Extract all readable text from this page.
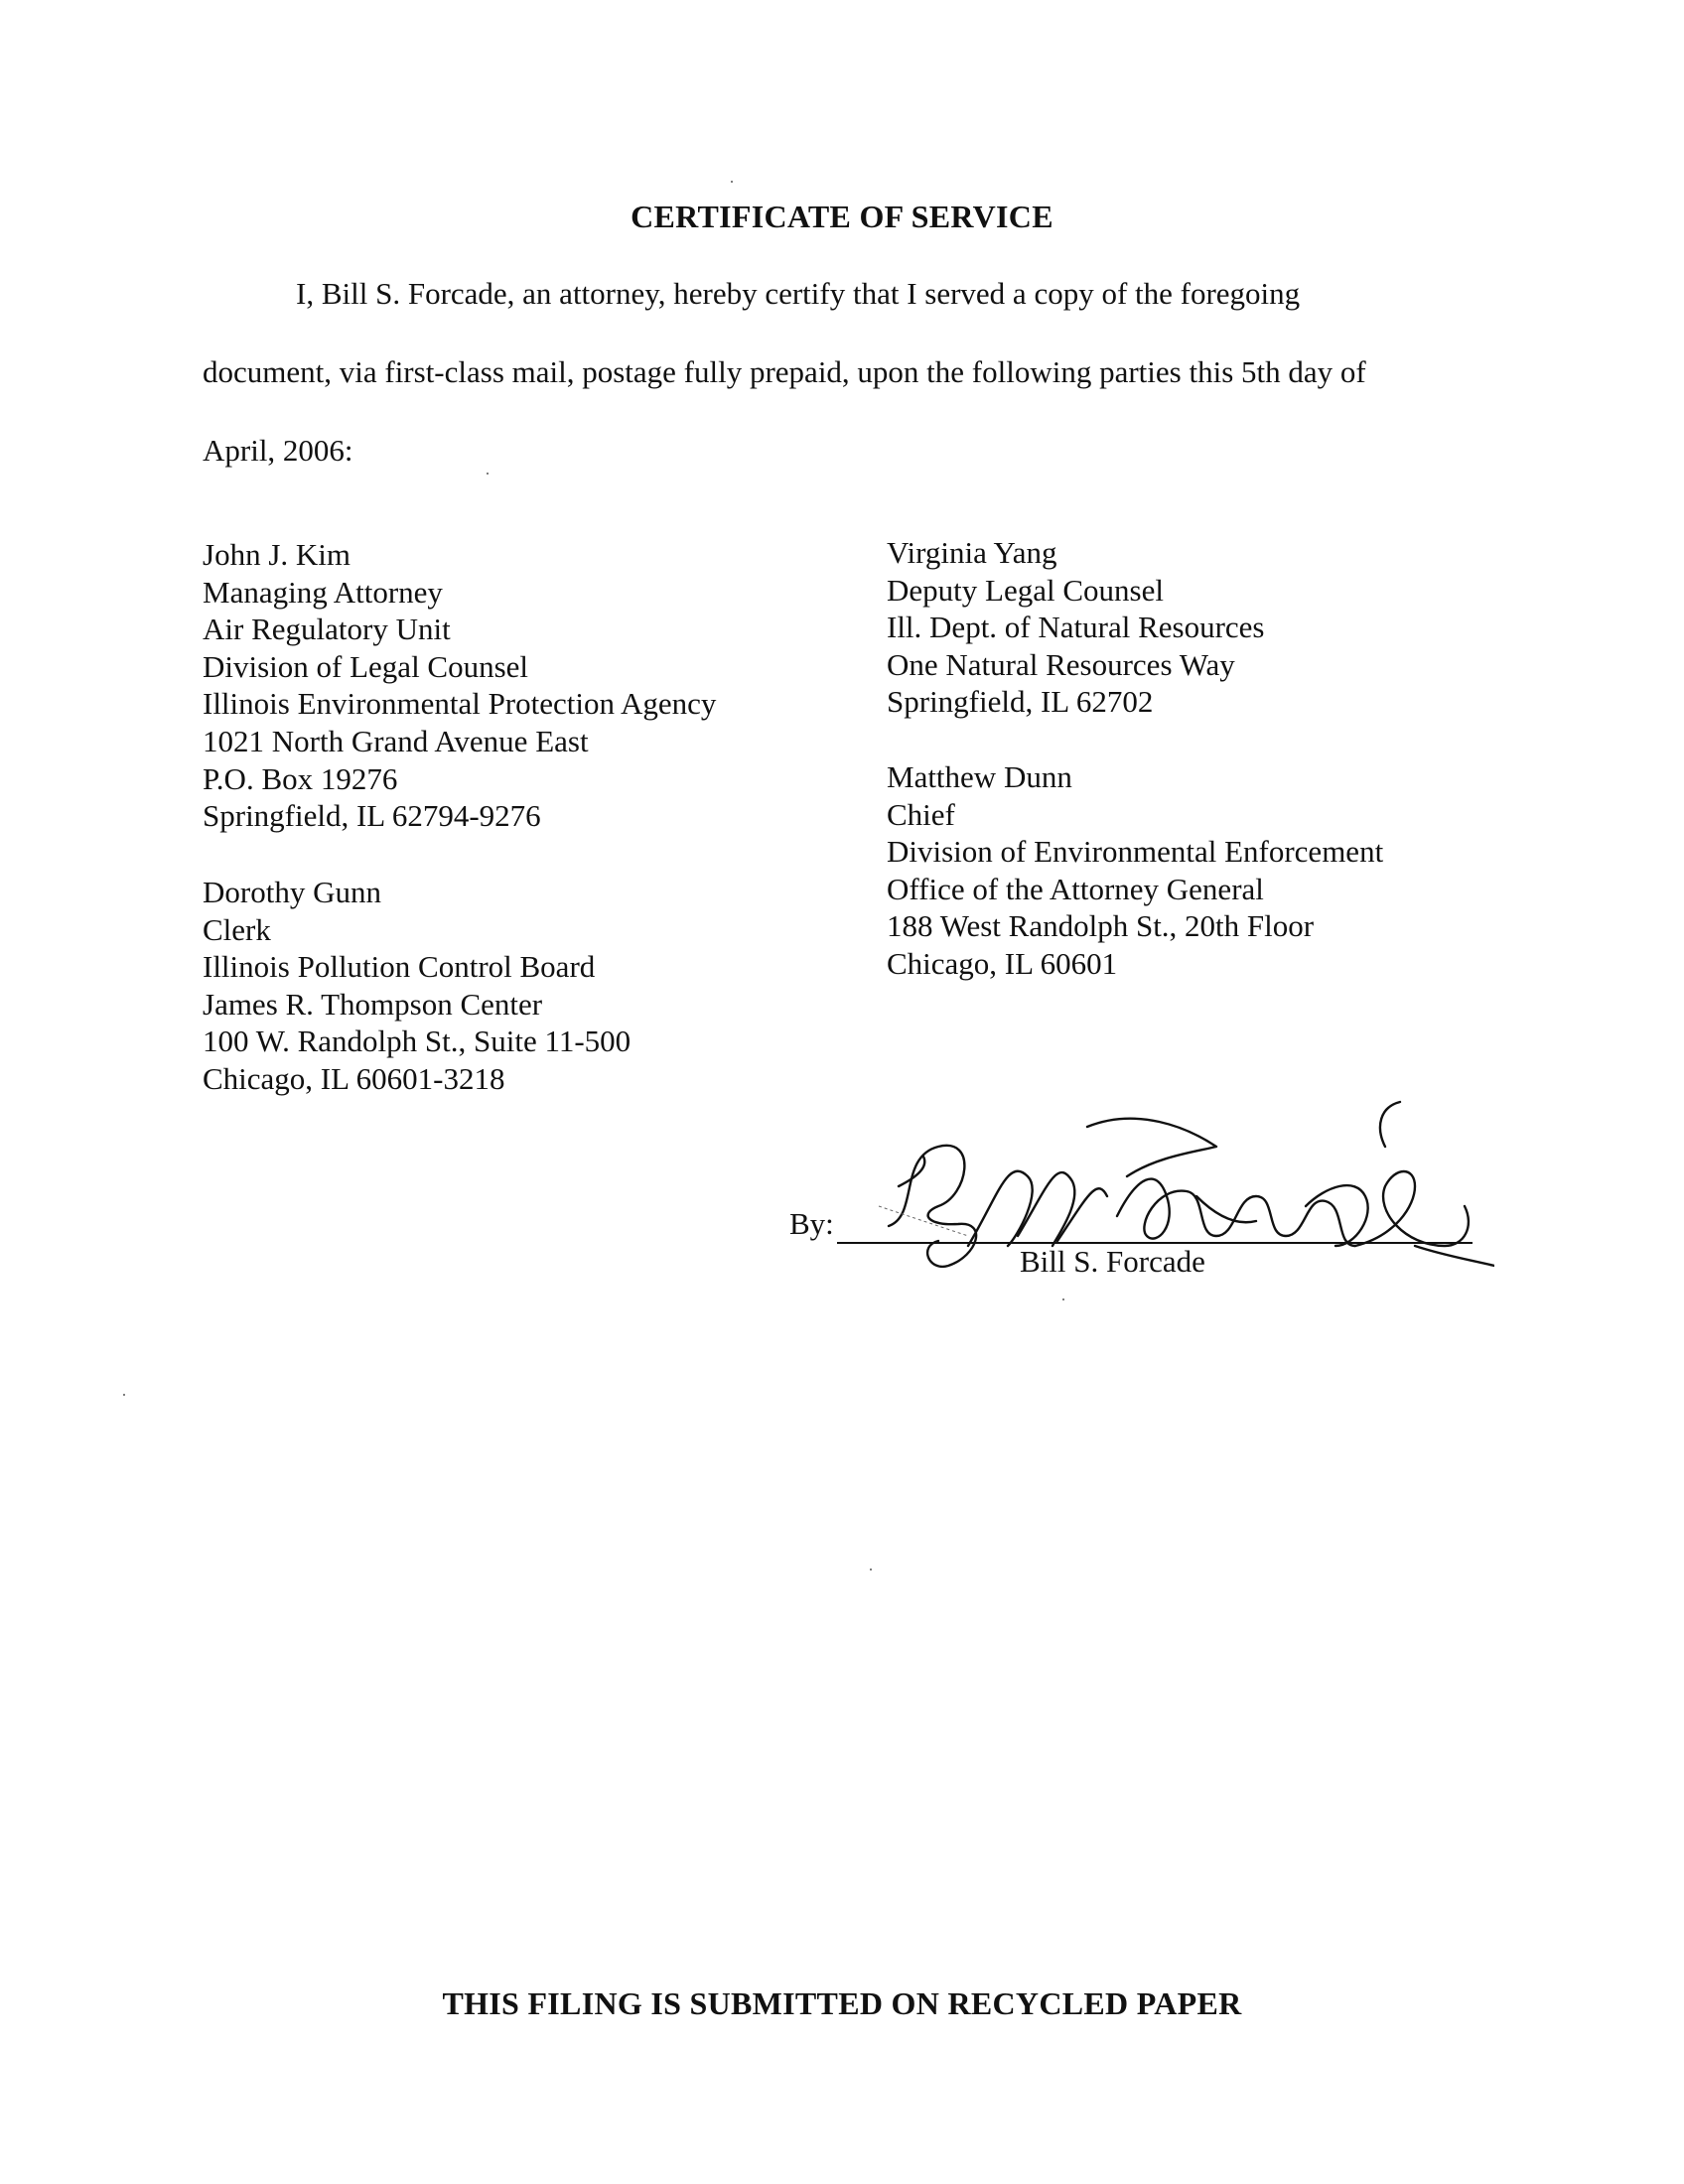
CERTIFICATE OF SERVICE
I, Bill S. Forcade, an attorney, hereby certify that I served a copy of the foregoing
document, via first-class mail, postage fully prepaid, upon the following parties this 5th day of
April, 2006:
John J. Kim
Managing Attorney
Air Regulatory Unit
Division of Legal Counsel
Illinois Environmental Protection Agency
1021 North Grand Avenue East
P.O. Box 19276
Springfield, IL 62794-9276
Dorothy Gunn
Clerk
Illinois Pollution Control Board
James R. Thompson Center
100 W. Randolph St., Suite 11-500
Chicago, IL 60601-3218
Virginia Yang
Deputy Legal Counsel
Ill. Dept. of Natural Resources
One Natural Resources Way
Springfield, IL 62702
Matthew Dunn
Chief
Division of Environmental Enforcement
Office of the Attorney General
188 West Randolph St., 20th Floor
Chicago, IL 60601
By:
Bill S. Forcade
THIS FILING IS SUBMITTED ON RECYCLED PAPER
